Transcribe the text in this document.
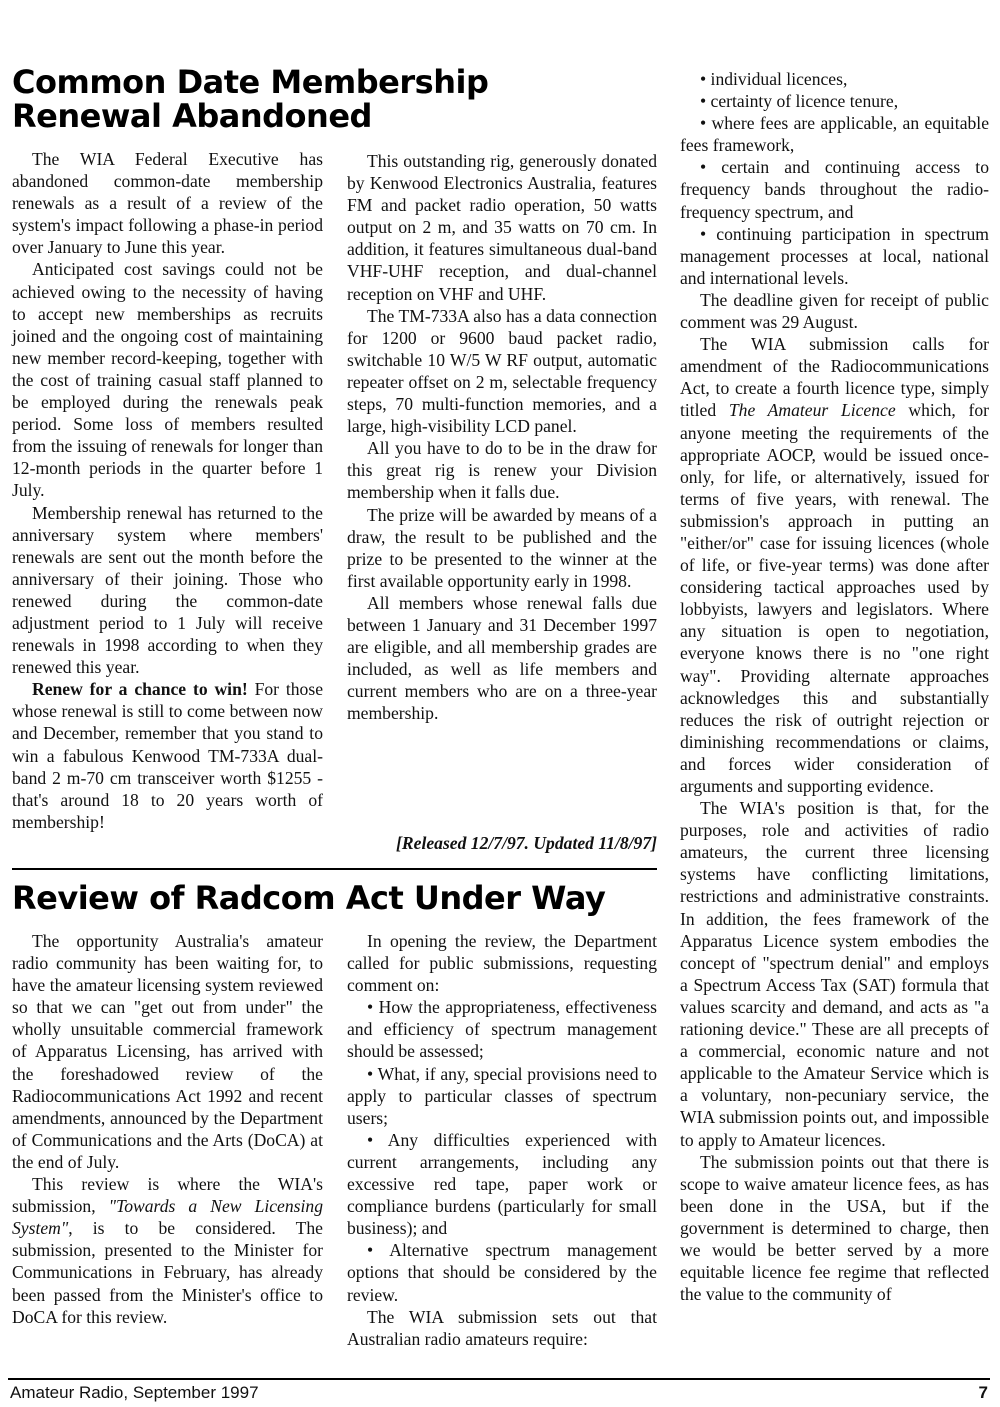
Common Date Membership
Renewal Abandoned

The WIA Federal Executive has abandoned common-date membership renewals as a result of a review of the system's impact following a phase-in period over January to June this year.

Anticipated cost savings could not be achieved owing to the necessity of having to accept new memberships as recruits joined and the ongoing cost of maintaining new member record-keeping, together with the cost of training casual staff planned to be employed during the renewals peak period. Some loss of members resulted from the issuing of renewals for longer than 12-month periods in the quarter before 1 July.

Membership renewal has returned to the anniversary system where members' renewals are sent out the month before the anniversary of their joining. Those who renewed during the common-date adjustment period to 1 July will receive renewals in 1998 according to when they renewed this year.

Renew for a chance to win! For those whose renewal is still to come between now and December, remember that you stand to win a fabulous Kenwood TM-733A dual-band 2 m-70 cm transceiver worth $1255 - that's around 18 to 20 years worth of membership!

This outstanding rig, generously donated by Kenwood Electronics Australia, features FM and packet radio operation, 50 watts output on 2 m, and 35 watts on 70 cm. In addition, it features simultaneous dual-band VHF-UHF reception, and dual-channel reception on VHF and UHF.

The TM-733A also has a data connection for 1200 or 9600 baud packet radio, switchable 10 W/5 W RF output, automatic repeater offset on 2 m, selectable frequency steps, 70 multi-function memories, and a large, high-visibility LCD panel.

All you have to do to be in the draw for this great rig is renew your Division membership when it falls due.

The prize will be awarded by means of a draw, the result to be published and the prize to be presented to the winner at the first available opportunity early in 1998.

All members whose renewal falls due between 1 January and 31 December 1997 are eligible, and all membership grades are included, as well as life members and current members who are on a three-year membership.

[Released 12/7/97. Updated 11/8/97]

Review of Radcom Act Under Way

The opportunity Australia's amateur radio community has been waiting for, to have the amateur licensing system reviewed so that we can "get out from under" the wholly unsuitable commercial framework of Apparatus Licensing, has arrived with the foreshadowed review of the Radiocommunications Act 1992 and recent amendments, announced by the Department of Communications and the Arts (DoCA) at the end of July.

This review is where the WIA's submission, "Towards a New Licensing System", is to be considered. The submission, presented to the Minister for Communications in February, has already been passed from the Minister's office to DoCA for this review.

In opening the review, the Department called for public submissions, requesting comment on:

• How the appropriateness, effectiveness and efficiency of spectrum management should be assessed;

• What, if any, special provisions need to apply to particular classes of spectrum users;

• Any difficulties experienced with current arrangements, including any excessive red tape, paper work or compliance burdens (particularly for small business); and

• Alternative spectrum management options that should be considered by the review.

The WIA submission sets out that Australian radio amateurs require:

• individual licences,

• certainty of licence tenure,

• where fees are applicable, an equitable fees framework,

• certain and continuing access to frequency bands throughout the radio-frequency spectrum, and

• continuing participation in spectrum management processes at local, national and international levels.

The deadline given for receipt of public comment was 29 August.

The WIA submission calls for amendment of the Radiocommunications Act, to create a fourth licence type, simply titled The Amateur Licence which, for anyone meeting the requirements of the appropriate AOCP, would be issued once-only, for life, or alternatively, issued for terms of five years, with renewal. The submission's approach in putting an "either/or" case for issuing licences (whole of life, or five-year terms) was done after considering tactical approaches used by lobbyists, lawyers and legislators. Where any situation is open to negotiation, everyone knows there is no "one right way". Providing alternate approaches acknowledges this and substantially reduces the risk of outright rejection or diminishing recommendations or claims, and forces wider consideration of arguments and supporting evidence.

The WIA's position is that, for the purposes, role and activities of radio amateurs, the current three licensing systems have conflicting limitations, restrictions and administrative constraints. In addition, the fees framework of the Apparatus Licence system embodies the concept of "spectrum denial" and employs a Spectrum Access Tax (SAT) formula that values scarcity and demand, and acts as "a rationing device." These are all precepts of a commercial, economic nature and not applicable to the Amateur Service which is a voluntary, non-pecuniary service, the WIA submission points out, and impossible to apply to Amateur licences.

The submission points out that there is scope to waive amateur licence fees, as has been done in the USA, but if the government is determined to charge, then we would be better served by a more equitable licence fee regime that reflected the value to the community of

Amateur Radio, September 1997	7
